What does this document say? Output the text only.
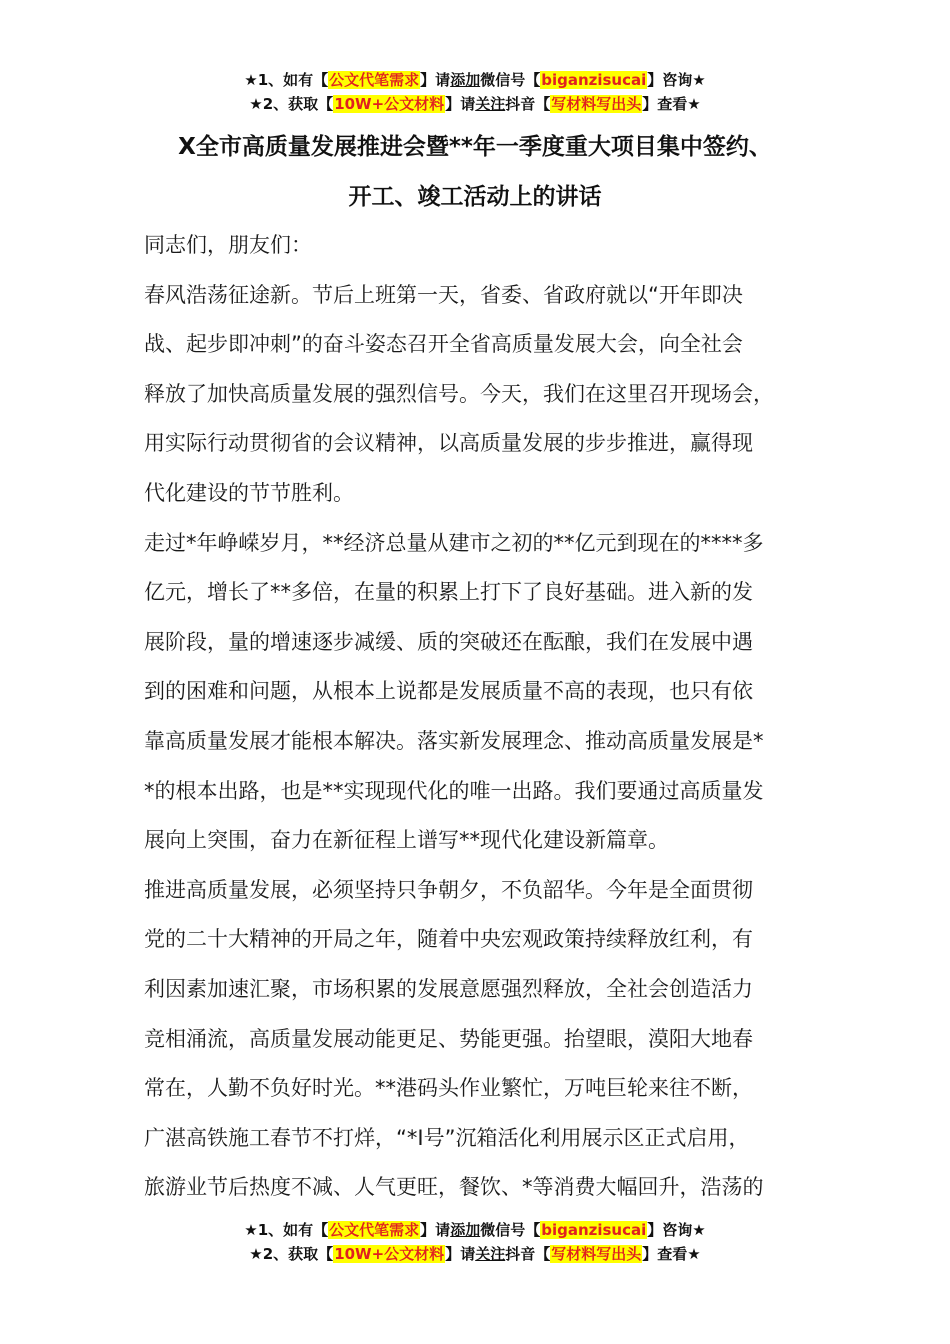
★1、如有【公文代笔需求】请添加微信号【biganzisucai】咨询★
★2、获取【10W+公文材料】请关注抖音【写材料写出头】查看★
X全市高质量发展推进会暨**年一季度重大项目集中签约、
开工、竣工活动上的讲话
同志们，朋友们：
春风浩荡征途新。节后上班第一天，省委、省政府就以“开年即决
战、起步即冲刺”的奋斗姿态召开全省高质量发展大会，向全社会
释放了加快高质量发展的强烈信号。今天，我们在这里召开现场会，
用实际行动贯彻省的会议精神，以高质量发展的步步推进，赢得现
代化建设的节节胜利。
走过*年峥嵘岁月，**经济总量从建市之初的**亿元到现在的****多
亿元，增长了**多倍，在量的积累上打下了良好基础。进入新的发
展阶段，量的增速逐步减缓、质的突破还在酝酿，我们在发展中遇
到的困难和问题，从根本上说都是发展质量不高的表现，也只有依
靠高质量发展才能根本解决。落实新发展理念、推动高质量发展是*
*的根本出路，也是**实现现代化的唯一出路。我们要通过高质量发
展向上突围，奋力在新征程上谱写**现代化建设新篇章。
推进高质量发展，必须坚持只争朝夕，不负韶华。今年是全面贯彻
党的二十大精神的开局之年，随着中央宏观政策持续释放红利，有
利因素加速汇聚，市场积累的发展意愿强烈释放，全社会创造活力
竞相涌流，高质量发展动能更足、势能更强。抬望眼，漠阳大地春
常在，人勤不负好时光。**港码头作业繁忙，万吨巨轮来往不断，
广湛高铁施工春节不打烊，“*I号”沉箱活化利用展示区正式启用，
旅游业节后热度不减、人气更旺，餐饮、*等消费大幅回升，浩荡的
★1、如有【公文代笔需求】请添加微信号【biganzisucai】咨询★
★2、获取【10W+公文材料】请关注抖音【写材料写出头】查看★
